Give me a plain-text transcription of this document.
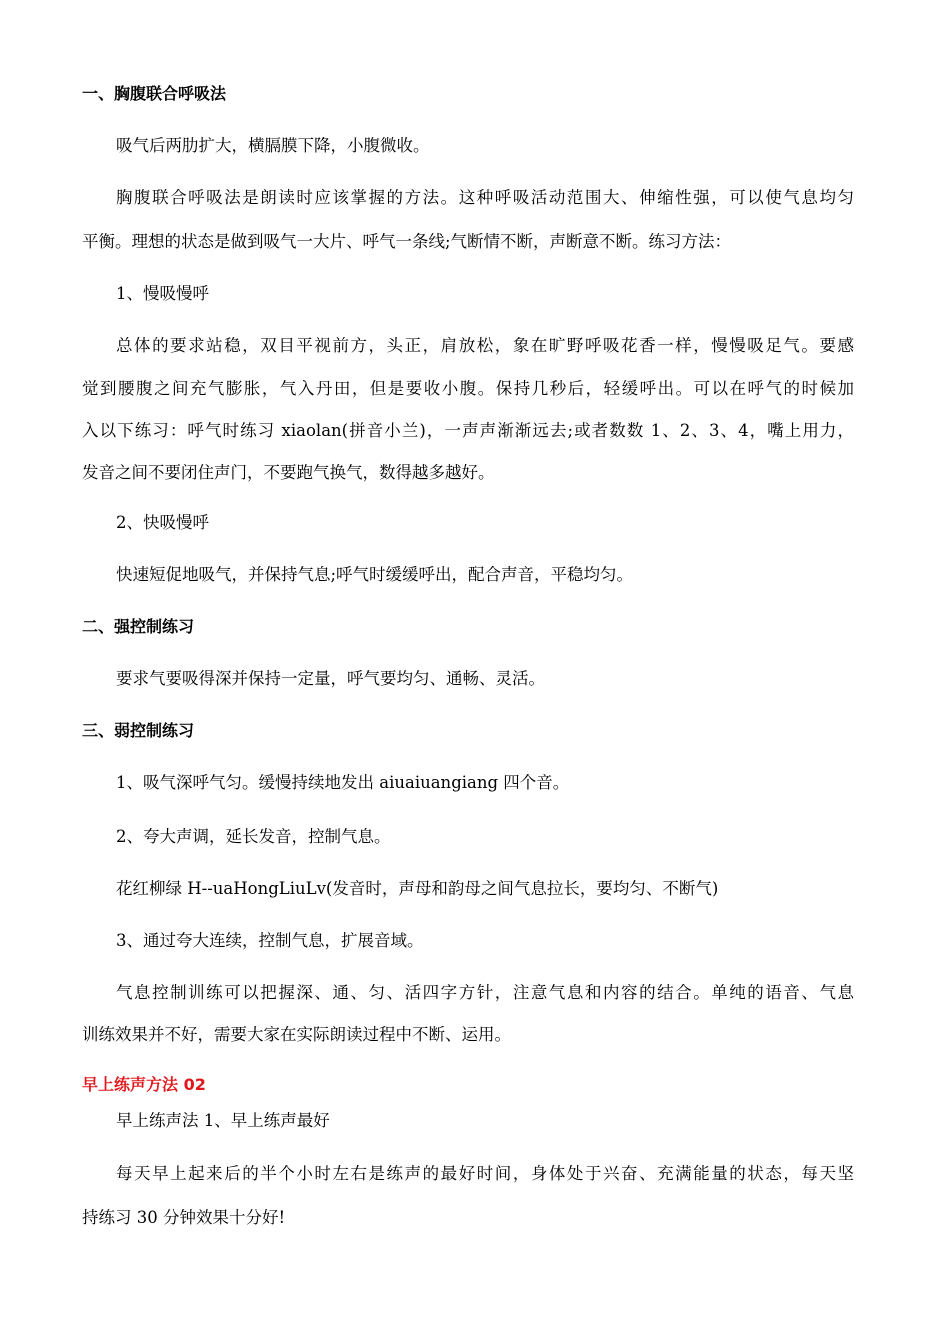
一、胸腹联合呼吸法
吸气后两肋扩大，横膈膜下降，小腹微收。
胸腹联合呼吸法是朗读时应该掌握的方法。这种呼吸活动范围大、伸缩性强，可以使气息均匀
平衡。理想的状态是做到吸气一大片、呼气一条线;气断情不断，声断意不断。练习方法：
1、慢吸慢呼
总体的要求站稳，双目平视前方，头正，肩放松，象在旷野呼吸花香一样，慢慢吸足气。要感
觉到腰腹之间充气膨胀，气入丹田，但是要收小腹。保持几秒后，轻缓呼出。可以在呼气的时候加
入以下练习：呼气时练习 xiaolan(拼音小兰)，一声声渐渐远去;或者数数 1、2、3、4，嘴上用力，
发音之间不要闭住声门，不要跑气换气，数得越多越好。
2、快吸慢呼
快速短促地吸气，并保持气息;呼气时缓缓呼出，配合声音，平稳均匀。
二、强控制练习
要求气要吸得深并保持一定量，呼气要均匀、通畅、灵活。
三、弱控制练习
1、吸气深呼气匀。缓慢持续地发出 aiuaiuangiang 四个音。
2、夸大声调，延长发音，控制气息。
花红柳绿 H--uaHongLiuLv(发音时，声母和韵母之间气息拉长，要均匀、不断气)
3、通过夸大连续，控制气息，扩展音域。
气息控制训练可以把握深、通、匀、活四字方针，注意气息和内容的结合。单纯的语音、气息
训练效果并不好，需要大家在实际朗读过程中不断、运用。
早上练声方法 02
早上练声法 1、早上练声最好
每天早上起来后的半个小时左右是练声的最好时间，身体处于兴奋、充满能量的状态，每天坚
持练习 30 分钟效果十分好!
